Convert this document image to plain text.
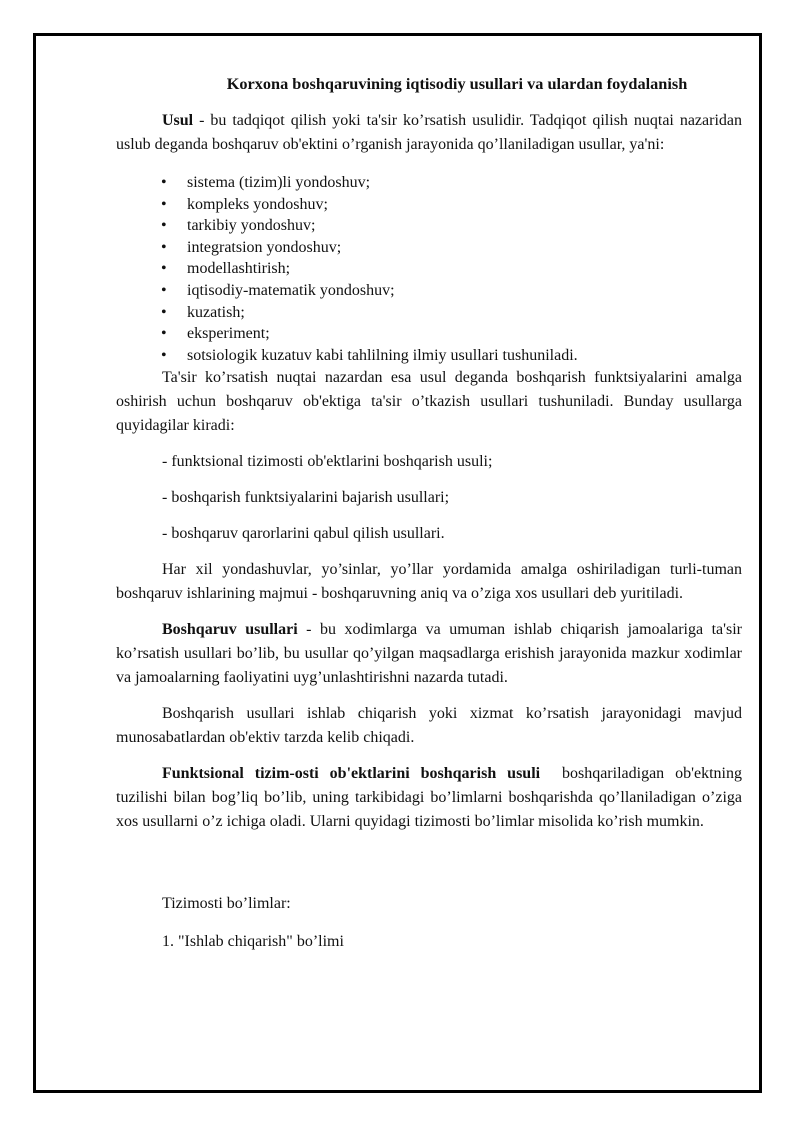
Korxona boshqaruvining iqtisodiy usullari va ulardan foydalanish

Usul - bu tadqiqot qilish yoki ta'sir ko’rsatish usulidir. Tadqiqot qilish nuqtai nazaridan uslub deganda boshqaruv ob'ektini o’rganish jarayonida qo’llaniladigan usullar, ya'ni:

• sistema (tizim)li yondoshuv;
• kompleks yondoshuv;
• tarkibiy yondoshuv;
• integratsion yondoshuv;
• modellashtirish;
• iqtisodiy-matematik yondoshuv;
• kuzatish;
• eksperiment;
• sotsiologik kuzatuv kabi tahlilning ilmiy usullari tushuniladi.

Ta'sir ko’rsatish nuqtai nazardan esa usul deganda boshqarish funktsiyalarini amalga oshirish uchun boshqaruv ob'ektiga ta'sir o’tkazish usullari tushuniladi. Bunday usullarga quyidagilar kiradi:

- funktsional tizimosti ob'ektlarini boshqarish usuli;

- boshqarish funktsiyalarini bajarish usullari;

- boshqaruv qarorlarini qabul qilish usullari.

Har xil yondashuvlar, yo’sinlar, yo’llar yordamida amalga oshiriladigan turli-tuman boshqaruv ishlarining majmui - boshqaruvning aniq va o’ziga xos usullari deb yuritiladi.

Boshqaruv usullari - bu xodimlarga va umuman ishlab chiqarish jamoalariga ta'sir ko’rsatish usullari bo’lib, bu usullar qo’yilgan maqsadlarga erishish jarayonida mazkur xodimlar va jamoalarning faoliyatini uyg’unlashtirishni nazarda tutadi.

Boshqarish usullari ishlab chiqarish yoki xizmat ko’rsatish jarayonidagi mavjud munosabatlardan ob'ektiv tarzda kelib chiqadi.

Funktsional tizim-osti ob'ektlarini boshqarish usuli  boshqariladigan ob'ektning tuzilishi bilan bog’liq bo’lib, uning tarkibidagi bo’limlarni boshqarishda qo’llaniladigan o’ziga xos usullarni o’z ichiga oladi. Ularni quyidagi tizimosti bo’limlar misolida ko’rish mumkin.

Tizimosti bo’limlar:

1. "Ishlab chiqarish" bo’limi
